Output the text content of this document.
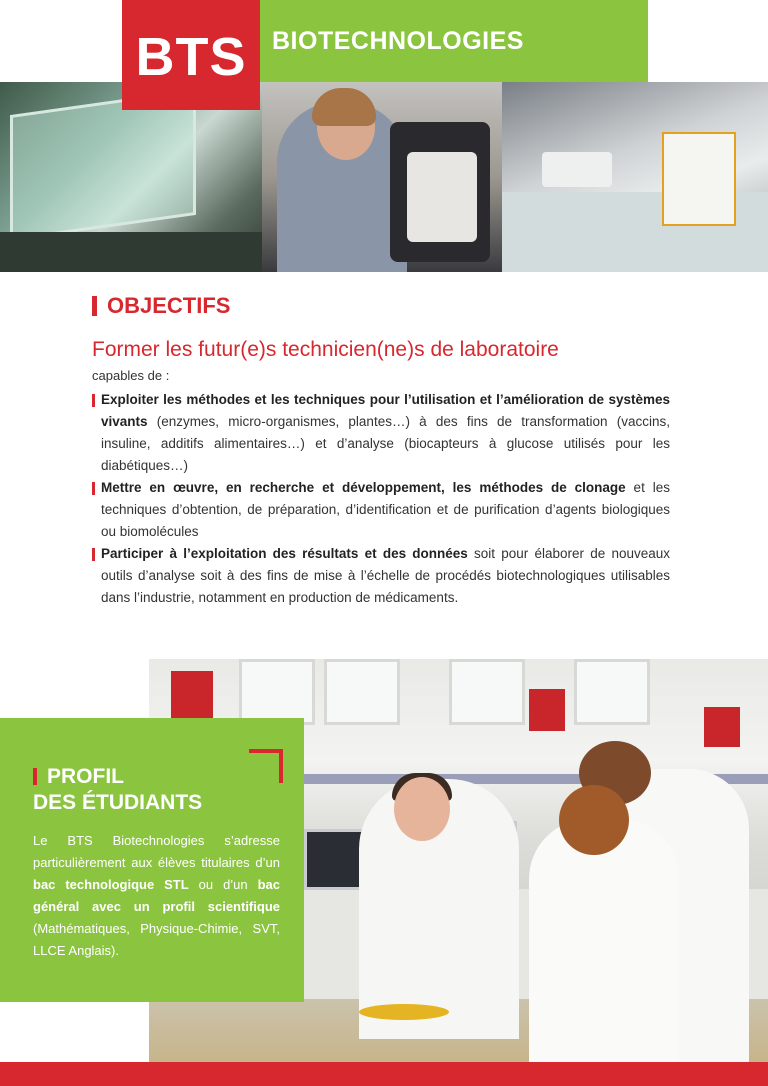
BTS BIOTECHNOLOGIES
OBJECTIFS
Former les futur(e)s technicien(ne)s de laboratoire
capables de :
Exploiter les méthodes et les techniques pour l’utilisation et l’amélioration de systèmes vivants (enzymes, micro-organismes, plantes…) à des fins de transformation (vaccins, insuline, additifs alimentaires…) et d’analyse (biocapteurs à glucose utilisés pour les diabétiques…)
Mettre en œuvre, en recherche et développement, les méthodes de clonage et les techniques d’obtention, de préparation, d’identification et de purification d’agents biologiques ou biomolécules
Participer à l’exploitation des résultats et des données soit pour élaborer de nouveaux outils d’analyse soit à des fins de mise à l’échelle de procédés biotechnologiques utilisables dans l’industrie, notamment en production de médicaments.
PROFIL
DES ÉTUDIANTS
Le BTS Biotechnologies s’adresse particulièrement aux élèves titulaires d’un bac technologique STL ou d’un bac général avec un profil scientifique (Mathématiques, Physique-Chimie, SVT, LLCE Anglais).
